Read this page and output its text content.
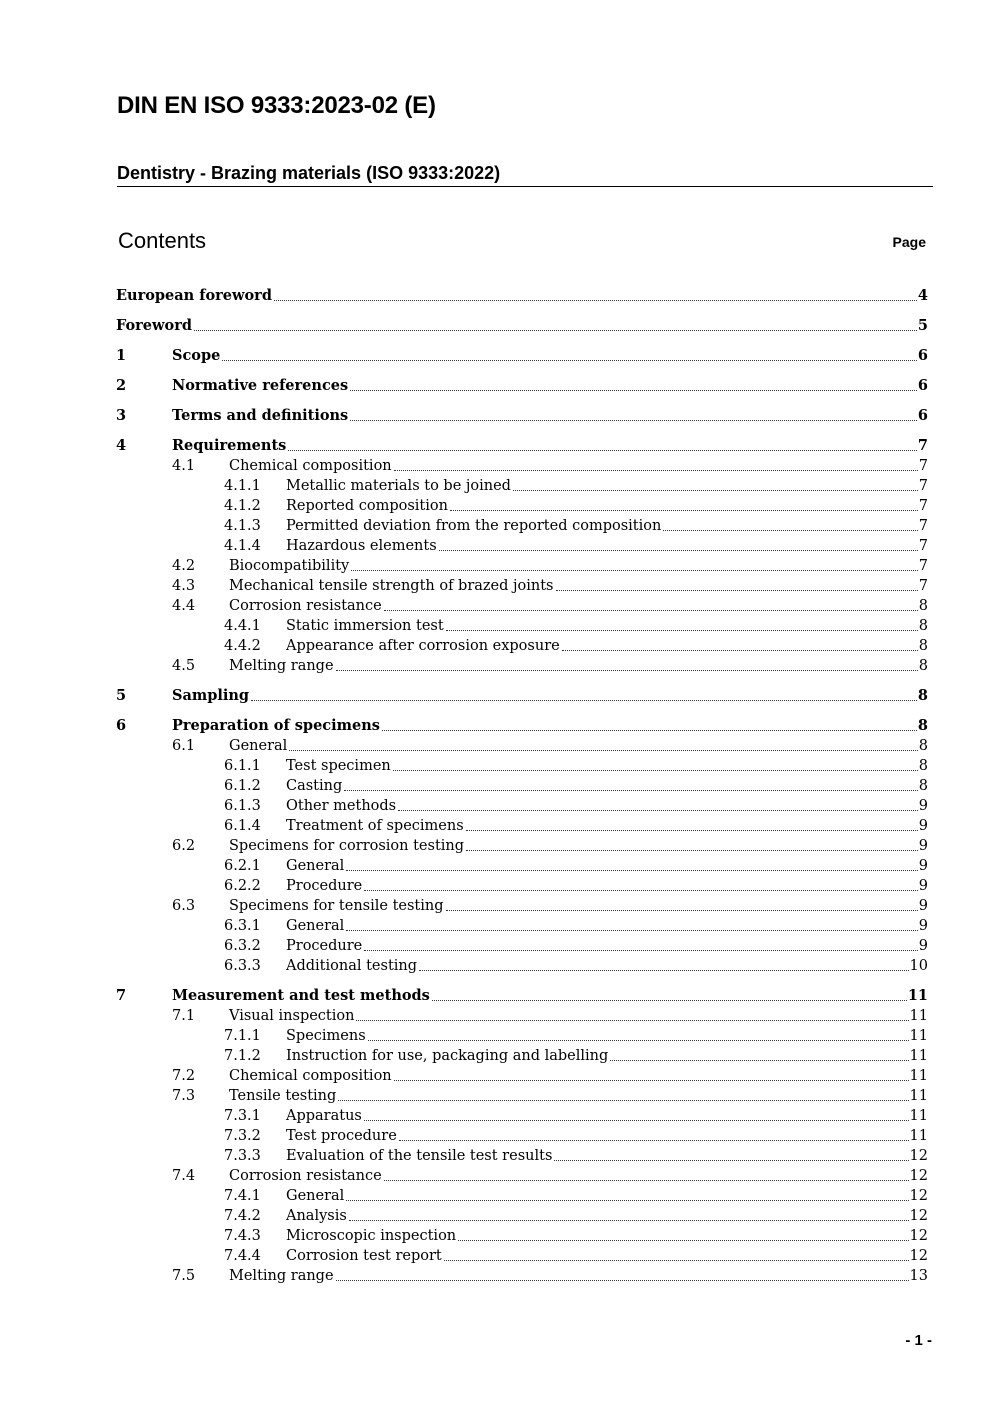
DIN EN ISO 9333:2023-02 (E)
Dentistry - Brazing materials (ISO 9333:2022)
Contents	Page
European foreword	4
Foreword	5
1	Scope	6
2	Normative references	6
3	Terms and definitions	6
4	Requirements	7
4.1	Chemical composition	7
4.1.1	Metallic materials to be joined	7
4.1.2	Reported composition	7
4.1.3	Permitted deviation from the reported composition	7
4.1.4	Hazardous elements	7
4.2	Biocompatibility	7
4.3	Mechanical tensile strength of brazed joints	7
4.4	Corrosion resistance	8
4.4.1	Static immersion test	8
4.4.2	Appearance after corrosion exposure	8
4.5	Melting range	8
5	Sampling	8
6	Preparation of specimens	8
6.1	General	8
6.1.1	Test specimen	8
6.1.2	Casting	8
6.1.3	Other methods	9
6.1.4	Treatment of specimens	9
6.2	Specimens for corrosion testing	9
6.2.1	General	9
6.2.2	Procedure	9
6.3	Specimens for tensile testing	9
6.3.1	General	9
6.3.2	Procedure	9
6.3.3	Additional testing	10
7	Measurement and test methods	11
7.1	Visual inspection	11
7.1.1	Specimens	11
7.1.2	Instruction for use, packaging and labelling	11
7.2	Chemical composition	11
7.3	Tensile testing	11
7.3.1	Apparatus	11
7.3.2	Test procedure	11
7.3.3	Evaluation of the tensile test results	12
7.4	Corrosion resistance	12
7.4.1	General	12
7.4.2	Analysis	12
7.4.3	Microscopic inspection	12
7.4.4	Corrosion test report	12
7.5	Melting range	13
- 1 -
